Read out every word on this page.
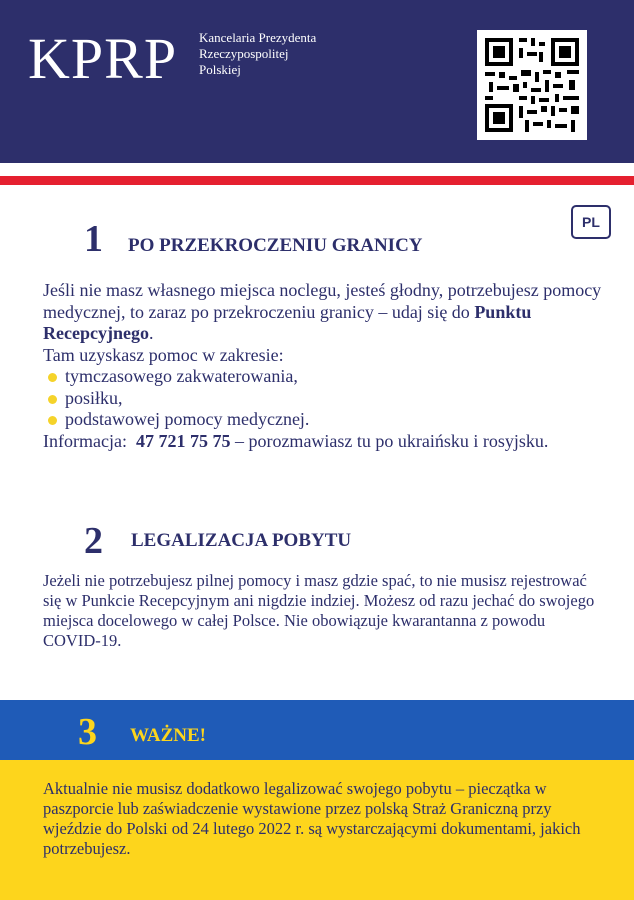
KPRP Kancelaria Prezydenta
Rzeczypospolitej
Polskiej
PL
1 PO PRZEKROCZENIU GRANICY

Jeśli nie masz własnego miejsca noclegu, jesteś głodny, potrzebujesz pomocy medycznej, to zaraz po przekroczeniu granicy – udaj się do Punktu Recepcyjnego.

Tam uzyskasz pomoc w zakresie:

tymczasowego zakwaterowania,
posiłku,
podstawowej pomocy medycznej.

Informacja: 47 721 75 75 – porozmawiasz tu po ukraińsku i rosyjsku.

2 LEGALIZACJA POBYTU
Jeżeli nie potrzebujesz pilnej pomocy i masz gdzie spać, to nie musisz rejestrować się w Punkcie Recepcyjnym ani nigdzie indziej. Możesz od razu jechać do swojego miejsca docelowego w całej Polsce. Nie obowiązuje kwarantanna z powodu COVID-19.
3 WAŻNE!
Aktualnie nie musisz dodatkowo legalizować swojego pobytu – pieczątka w paszporcie lub zaświadczenie wystawione przez polską Straż Graniczną przy wjeździe do Polski od 24 lutego 2022 r. są wystarczającymi dokumentami, jakich potrzebujesz.
